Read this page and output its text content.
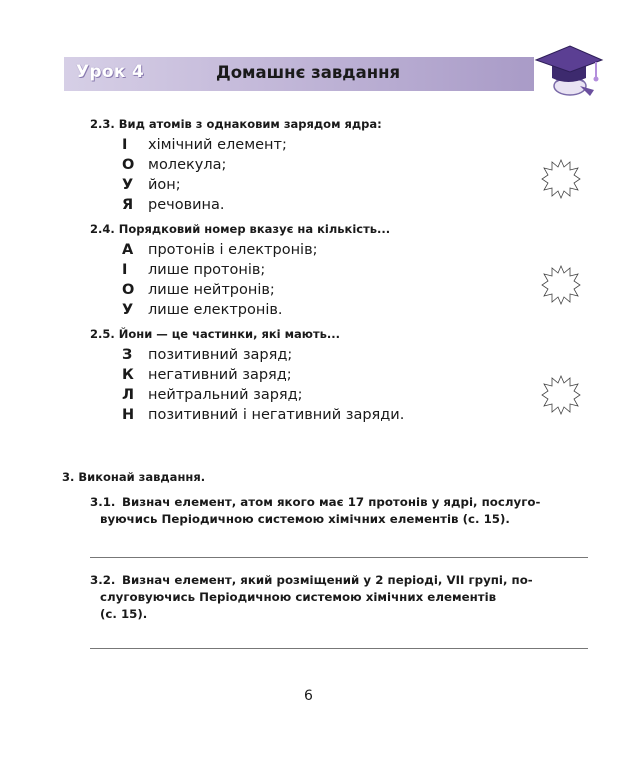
Урок 4	Домашнє завдання
2.3. Вид атомів з однаковим зарядом ядра:
І хімічний елемент;
О молекула;
У йон;
Я речовина.
2.4. Порядковий номер вказує на кількість...
А протонів і електронів;
І лише протонів;
О лише нейтронів;
У лише електронів.
2.5. Йони — це частинки, які мають...
З позитивний заряд;
К негативний заряд;
Л нейтральний заряд;
Н позитивний і негативний заряди.
3. Виконай завдання.
3.1. Визнач елемент, атом якого має 17 протонів у ядрі, послуго-
вуючись Періодичною системою хімічних елементів (с. 15).
3.2. Визнач елемент, який розміщений у 2 періоді, VII групі, по-
слуговуючись Періодичною системою хімічних елементів
(с. 15).
6
